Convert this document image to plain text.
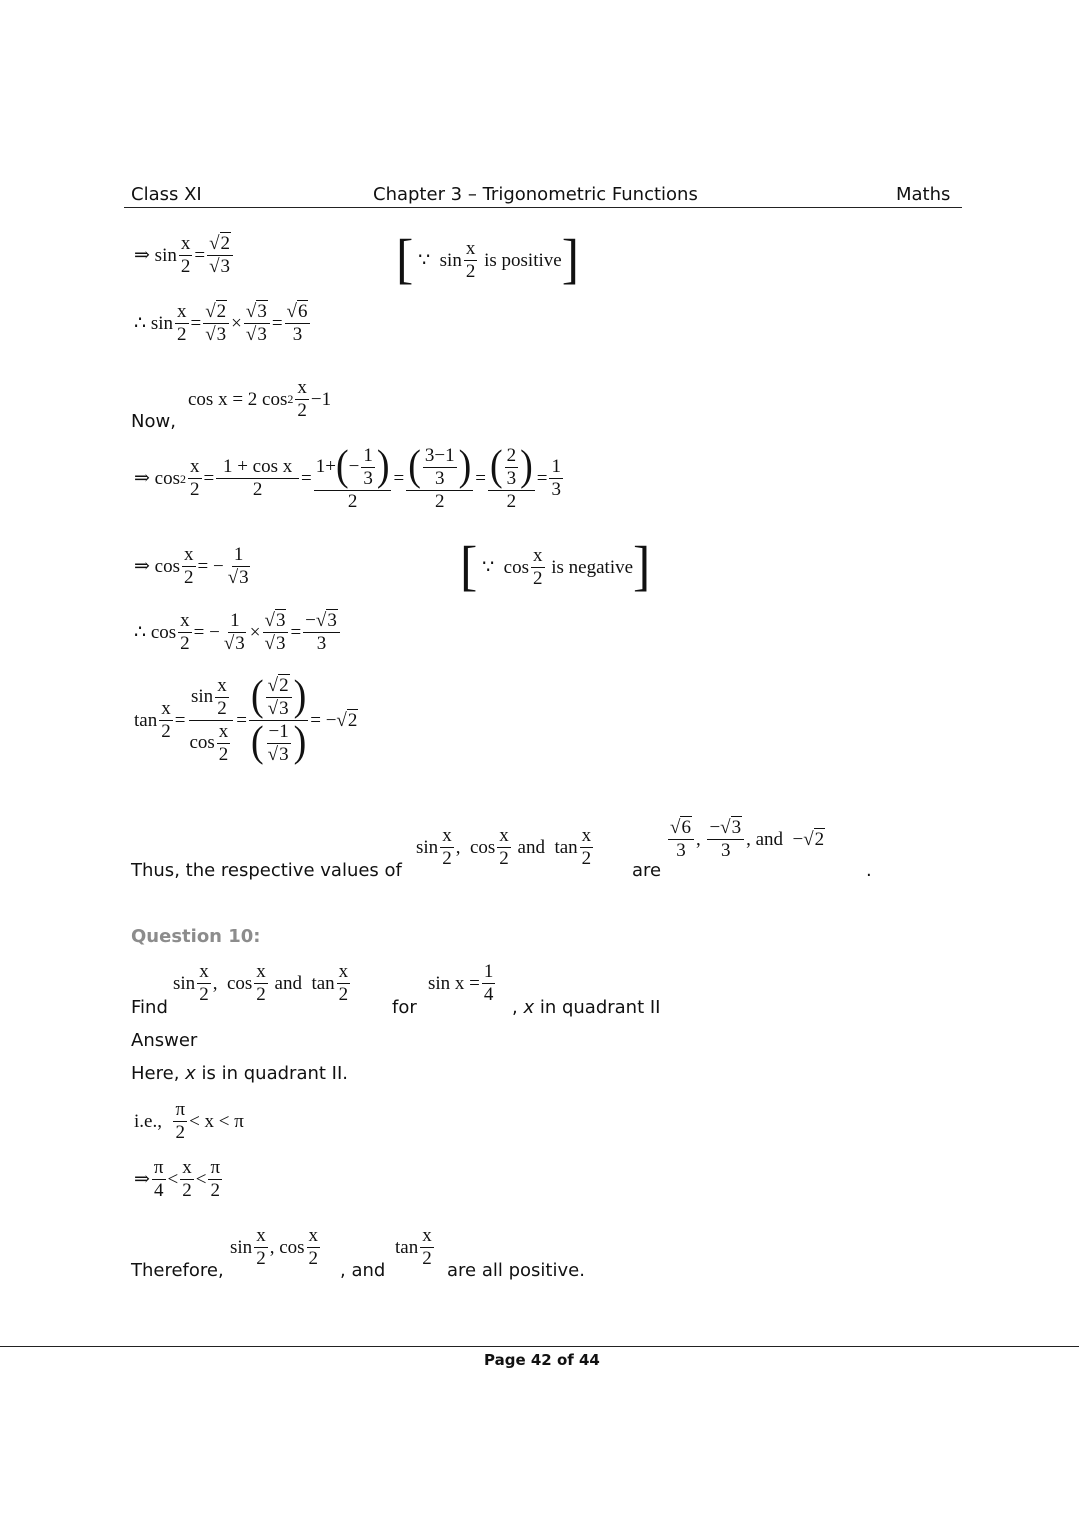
Class XI	Chapter 3 – Trigonometric Functions	Maths
⇒ sin
x
2
=
√2
√3	[ ∵  sin
x
2

is positive ]
∴ sin
x
2
=
√2
√3
×
√3
√3
=
√6
3
cos x = 2 cos 2
x
2
−1
Now,
⇒ cos 2
x
2
=
1 + cos x
2
=
1+ ( −
1
3 )
2
= ( 3−1
3 )
2
= ( 2
3 )
2
=
1
3
⇒ cos
x
2
= −
1
√3	[ ∵  cos
x
2

is negative ]
∴ cos
x
2
= −
1
√3
×
√3
√3
=
−√3
3
tan
x
2
=
sin
x
2
cos
x
2
= ( √2
√3 )
( −1
√3 ) = −√ 2
Thus, the respective values of
sin
x
2
,  cos
x
2
and  tan
x
2
are
√6
3
,
−√3
3
, and  −√ 2
.
Question 10:
Find
sin
x
2
,  cos
x
2
and  tan
x
2
for
sin x =
1
4
, x in quadrant II
Answer
Here, x is in quadrant II.
i.e.,

π
2
< x < π
⇒
π
4
<
x
2
<
π
2
Therefore,
sin
x
2
, cos
x
2
, and
tan
x
2
are all positive.
Page 42 of 44
